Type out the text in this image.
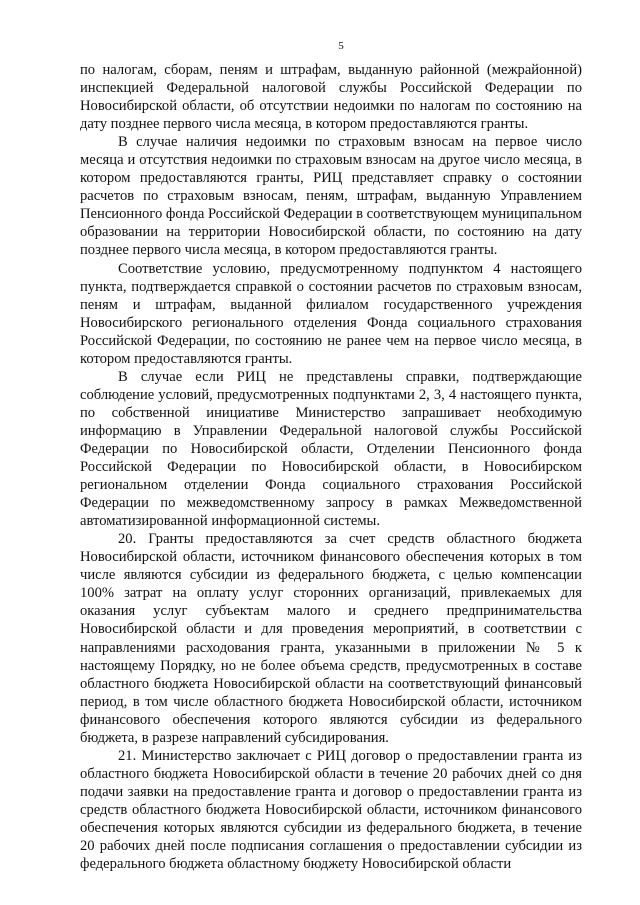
5

по налогам, сборам, пеням и штрафам, выданную районной (межрайонной) инспекцией Федеральной налоговой службы Российской Федерации по Новосибирской области, об отсутствии недоимки по налогам по состоянию на дату позднее первого числа месяца, в котором предоставляются гранты.

В случае наличия недоимки по страховым взносам на первое число месяца и отсутствия недоимки по страховым взносам на другое число месяца, в котором предоставляются гранты, РИЦ представляет справку о состоянии расчетов по страховым взносам, пеням, штрафам, выданную Управлением Пенсионного фонда Российской Федерации в соответствующем муниципальном образовании на территории Новосибирской области, по состоянию на дату позднее первого числа месяца, в котором предоставляются гранты.

Соответствие условию, предусмотренному подпунктом 4 настоящего пункта, подтверждается справкой о состоянии расчетов по страховым взносам, пеням и штрафам, выданной филиалом государственного учреждения Новосибирского регионального отделения Фонда социального страхования Российской Федерации, по состоянию не ранее чем на первое число месяца, в котором предоставляются гранты.

В случае если РИЦ не представлены справки, подтверждающие соблюдение условий, предусмотренных подпунктами 2, 3, 4 настоящего пункта, по собственной инициативе Министерство запрашивает необходимую информацию в Управлении Федеральной налоговой службы Российской Федерации по Новосибирской области, Отделении Пенсионного фонда Российской Федерации по Новосибирской области, в Новосибирском региональном отделении Фонда социального страхования Российской Федерации по межведомственному запросу в рамках Межведомственной автоматизированной информационной системы.

20. Гранты предоставляются за счет средств областного бюджета Новосибирской области, источником финансового обеспечения которых в том числе являются субсидии из федерального бюджета, с целью компенсации 100% затрат на оплату услуг сторонних организаций, привлекаемых для оказания услуг субъектам малого и среднего предпринимательства Новосибирской области и для проведения мероприятий, в соответствии с направлениями расходования гранта, указанными в приложении № 5 к настоящему Порядку, но не более объема средств, предусмотренных в составе областного бюджета Новосибирской области на соответствующий финансовый период, в том числе областного бюджета Новосибирской области, источником финансового обеспечения которого являются субсидии из федерального бюджета, в разрезе направлений субсидирования.

21. Министерство заключает с РИЦ договор о предоставлении гранта из областного бюджета Новосибирской области в течение 20 рабочих дней со дня подачи заявки на предоставление гранта и договор о предоставлении гранта из средств областного бюджета Новосибирской области, источником финансового обеспечения которых являются субсидии из федерального бюджета, в течение 20 рабочих дней после подписания соглашения о предоставлении субсидии из федерального бюджета областному бюджету Новосибирской области
